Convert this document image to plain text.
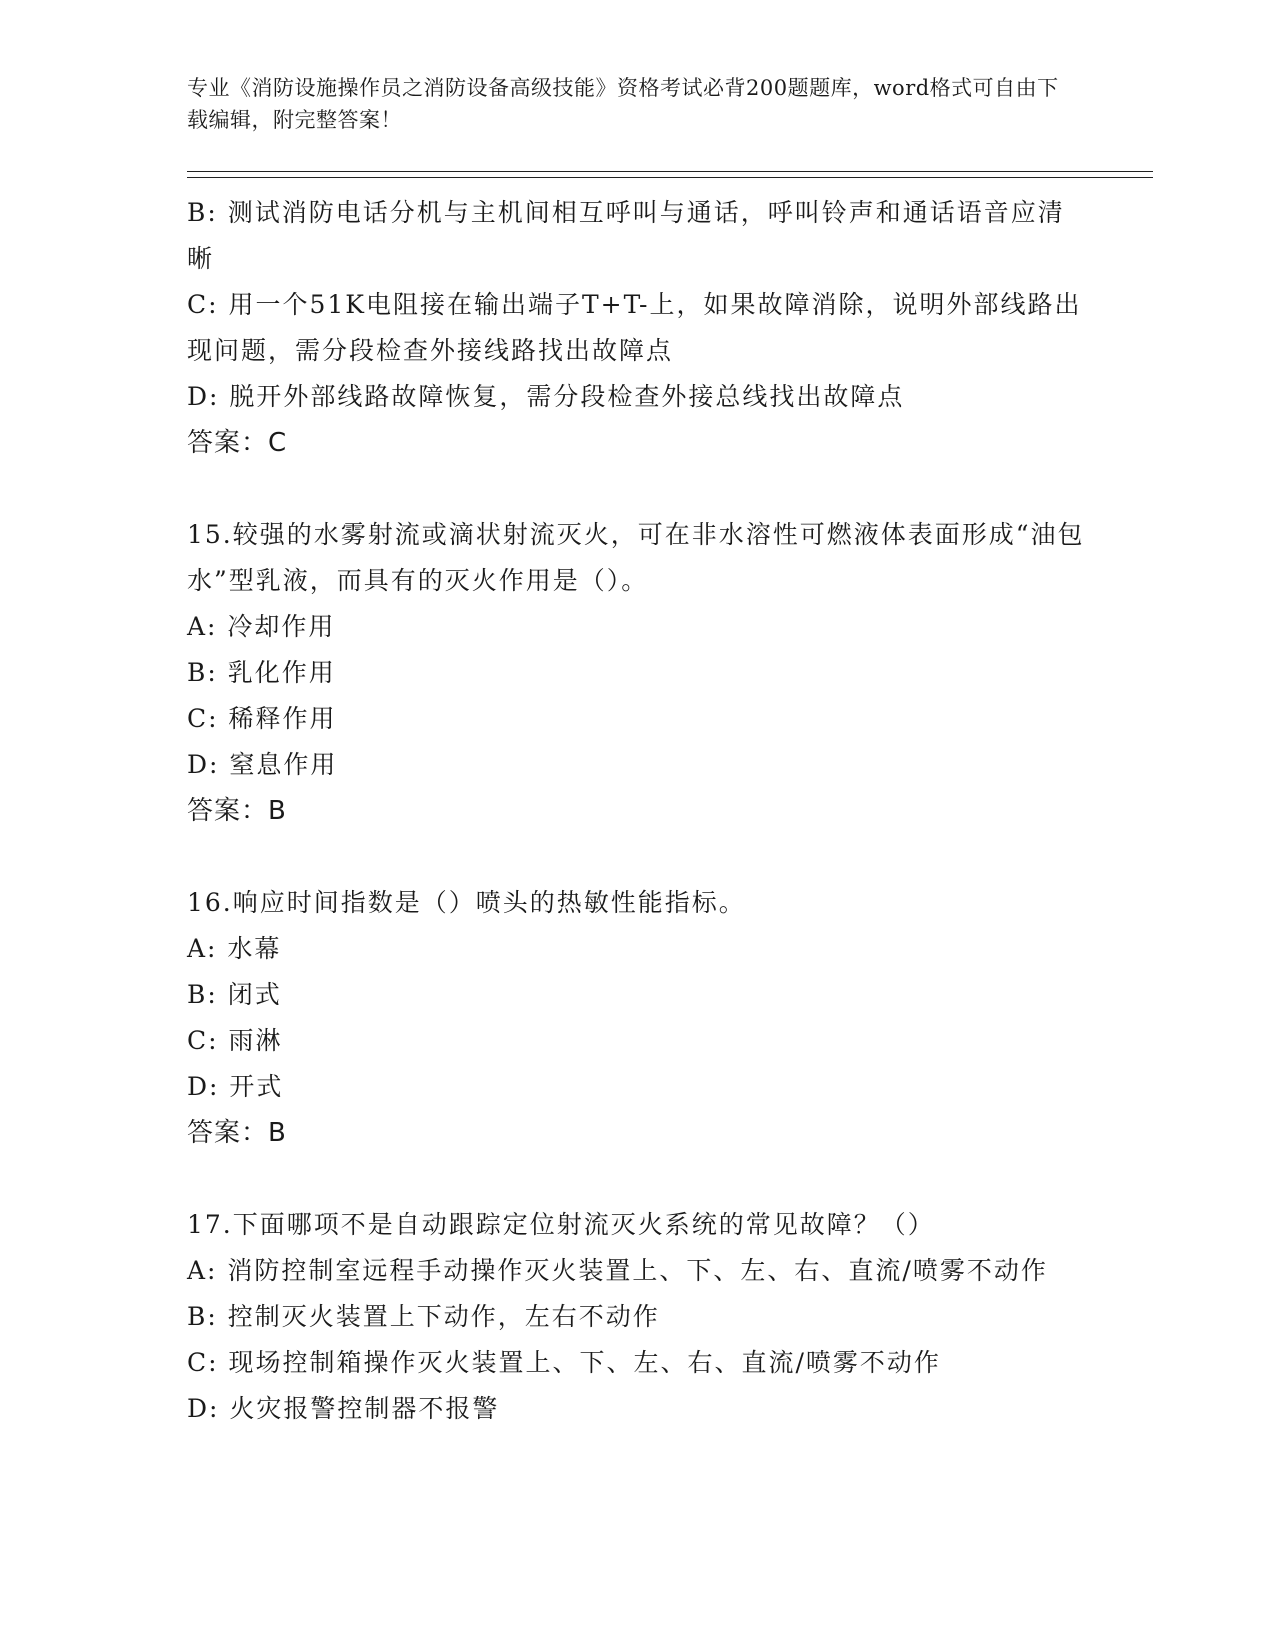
专业《消防设施操作员之消防设备高级技能》资格考试必背200题题库，word格式可自由下载编辑，附完整答案！
B: 测试消防电话分机与主机间相互呼叫与通话，呼叫铃声和通话语音应清晰
C: 用一个51K电阻接在输出端子T+T-上，如果故障消除，说明外部线路出现问题，需分段检查外接线路找出故障点
D: 脱开外部线路故障恢复，需分段检查外接总线找出故障点
答案：C
15.较强的水雾射流或滴状射流灭火，可在非水溶性可燃液体表面形成“油包水”型乳液，而具有的灭火作用是（）。
A: 冷却作用
B: 乳化作用
C: 稀释作用
D: 窒息作用
答案：B
16.响应时间指数是（）喷头的热敏性能指标。
A: 水幕
B: 闭式
C: 雨淋
D: 开式
答案：B
17.下面哪项不是自动跟踪定位射流灭火系统的常见故障？（）
A: 消防控制室远程手动操作灭火装置上、下、左、右、直流/喷雾不动作
B: 控制灭火装置上下动作，左右不动作
C: 现场控制箱操作灭火装置上、下、左、右、直流/喷雾不动作
D: 火灾报警控制器不报警
